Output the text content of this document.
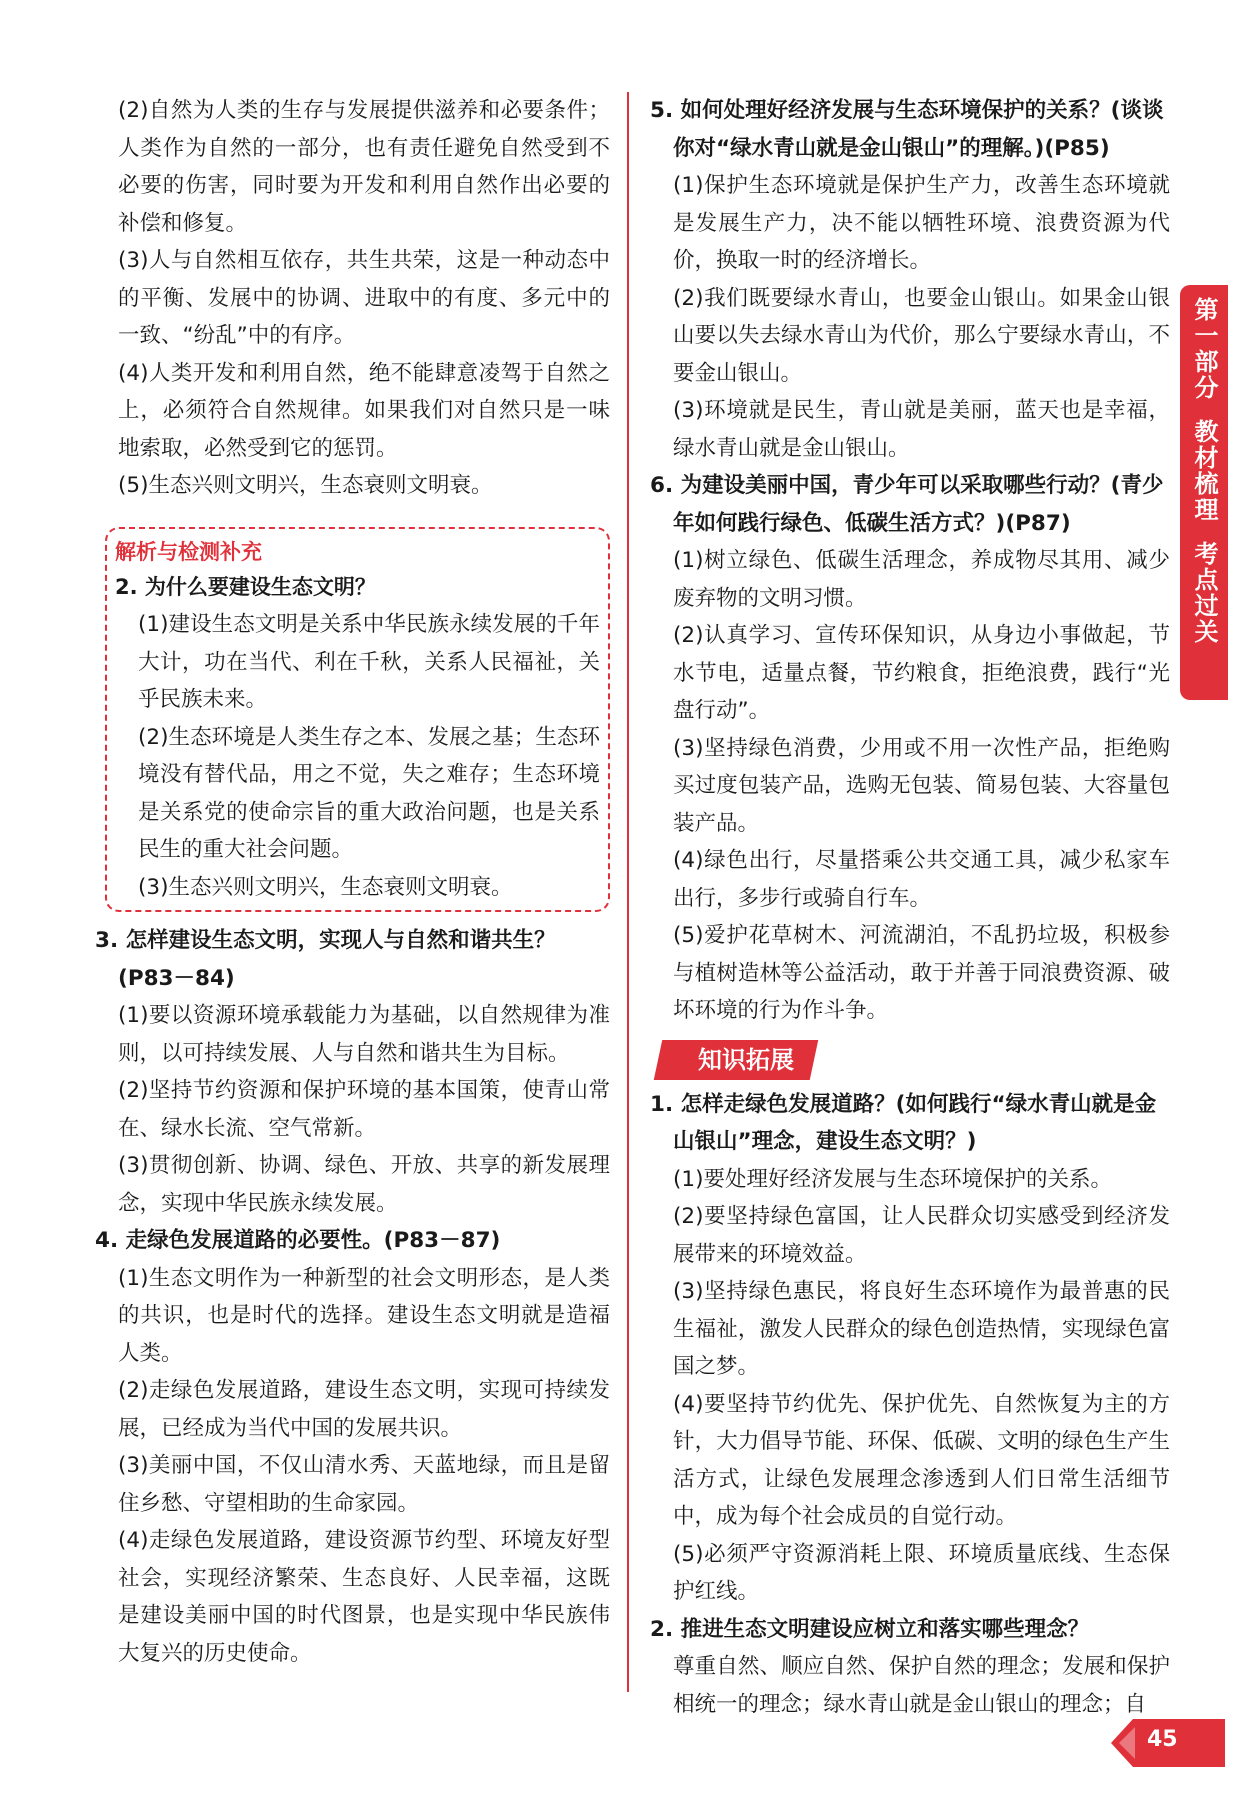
(2)自然为人类的生存与发展提供滋养和必要条件；人类作为自然的一部分，也有责任避免自然受到不必要的伤害，同时要为开发和利用自然作出必要的补偿和修复。

(3)人与自然相互依存，共生共荣，这是一种动态中的平衡、发展中的协调、进取中的有度、多元中的一致、“纷乱”中的有序。

(4)人类开发和利用自然，绝不能肆意凌驾于自然之上，必须符合自然规律。如果我们对自然只是一味地索取，必然受到它的惩罚。

(5)生态兴则文明兴，生态衰则文明衰。

解析与检测补充

2. 为什么要建设生态文明？

(1)建设生态文明是关系中华民族永续发展的千年大计，功在当代、利在千秋，关系人民福祉，关乎民族未来。

(2)生态环境是人类生存之本、发展之基；生态环境没有替代品，用之不觉，失之难存；生态环境是关系党的使命宗旨的重大政治问题，也是关系民生的重大社会问题。

(3)生态兴则文明兴，生态衰则文明衰。

3. 怎样建设生态文明，实现人与自然和谐共生？(P83－84)

(1)要以资源环境承载能力为基础，以自然规律为准则，以可持续发展、人与自然和谐共生为目标。

(2)坚持节约资源和保护环境的基本国策，使青山常在、绿水长流、空气常新。

(3)贯彻创新、协调、绿色、开放、共享的新发展理念，实现中华民族永续发展。

4. 走绿色发展道路的必要性。(P83－87)

(1)生态文明作为一种新型的社会文明形态，是人类的共识，也是时代的选择。建设生态文明就是造福人类。

(2)走绿色发展道路，建设生态文明，实现可持续发展，已经成为当代中国的发展共识。

(3)美丽中国，不仅山清水秀、天蓝地绿，而且是留住乡愁、守望相助的生命家园。

(4)走绿色发展道路，建设资源节约型、环境友好型社会，实现经济繁荣、生态良好、人民幸福，这既是建设美丽中国的时代图景，也是实现中华民族伟大复兴的历史使命。

5. 如何处理好经济发展与生态环境保护的关系？(谈谈你对“绿水青山就是金山银山”的理解。)(P85)

(1)保护生态环境就是保护生产力，改善生态环境就是发展生产力，决不能以牺牲环境、浪费资源为代价，换取一时的经济增长。

(2)我们既要绿水青山，也要金山银山。如果金山银山要以失去绿水青山为代价，那么宁要绿水青山，不要金山银山。

(3)环境就是民生，青山就是美丽，蓝天也是幸福，绿水青山就是金山银山。

6. 为建设美丽中国，青少年可以采取哪些行动？(青少年如何践行绿色、低碳生活方式？)(P87)

(1)树立绿色、低碳生活理念，养成物尽其用、减少废弃物的文明习惯。

(2)认真学习、宣传环保知识，从身边小事做起，节水节电，适量点餐，节约粮食，拒绝浪费，践行“光盘行动”。

(3)坚持绿色消费，少用或不用一次性产品，拒绝购买过度包装产品，选购无包装、简易包装、大容量包装产品。

(4)绿色出行，尽量搭乘公共交通工具，减少私家车出行，多步行或骑自行车。

(5)爱护花草树木、河流湖泊，不乱扔垃圾，积极参与植树造林等公益活动，敢于并善于同浪费资源、破坏环境的行为作斗争。

知识拓展

1. 怎样走绿色发展道路？(如何践行“绿水青山就是金山银山”理念，建设生态文明？)

(1)要处理好经济发展与生态环境保护的关系。

(2)要坚持绿色富国，让人民群众切实感受到经济发展带来的环境效益。

(3)坚持绿色惠民，将良好生态环境作为最普惠的民生福祉，激发人民群众的绿色创造热情，实现绿色富国之梦。

(4)要坚持节约优先、保护优先、自然恢复为主的方针，大力倡导节能、环保、低碳、文明的绿色生产生活方式，让绿色发展理念渗透到人们日常生活细节中，成为每个社会成员的自觉行动。

(5)必须严守资源消耗上限、环境质量底线、生态保护红线。

2. 推进生态文明建设应树立和落实哪些理念？

尊重自然、顺应自然、保护自然的理念；发展和保护相统一的理念；绿水青山就是金山银山的理念；自

第一部分
教材梳理
考点过关
45
